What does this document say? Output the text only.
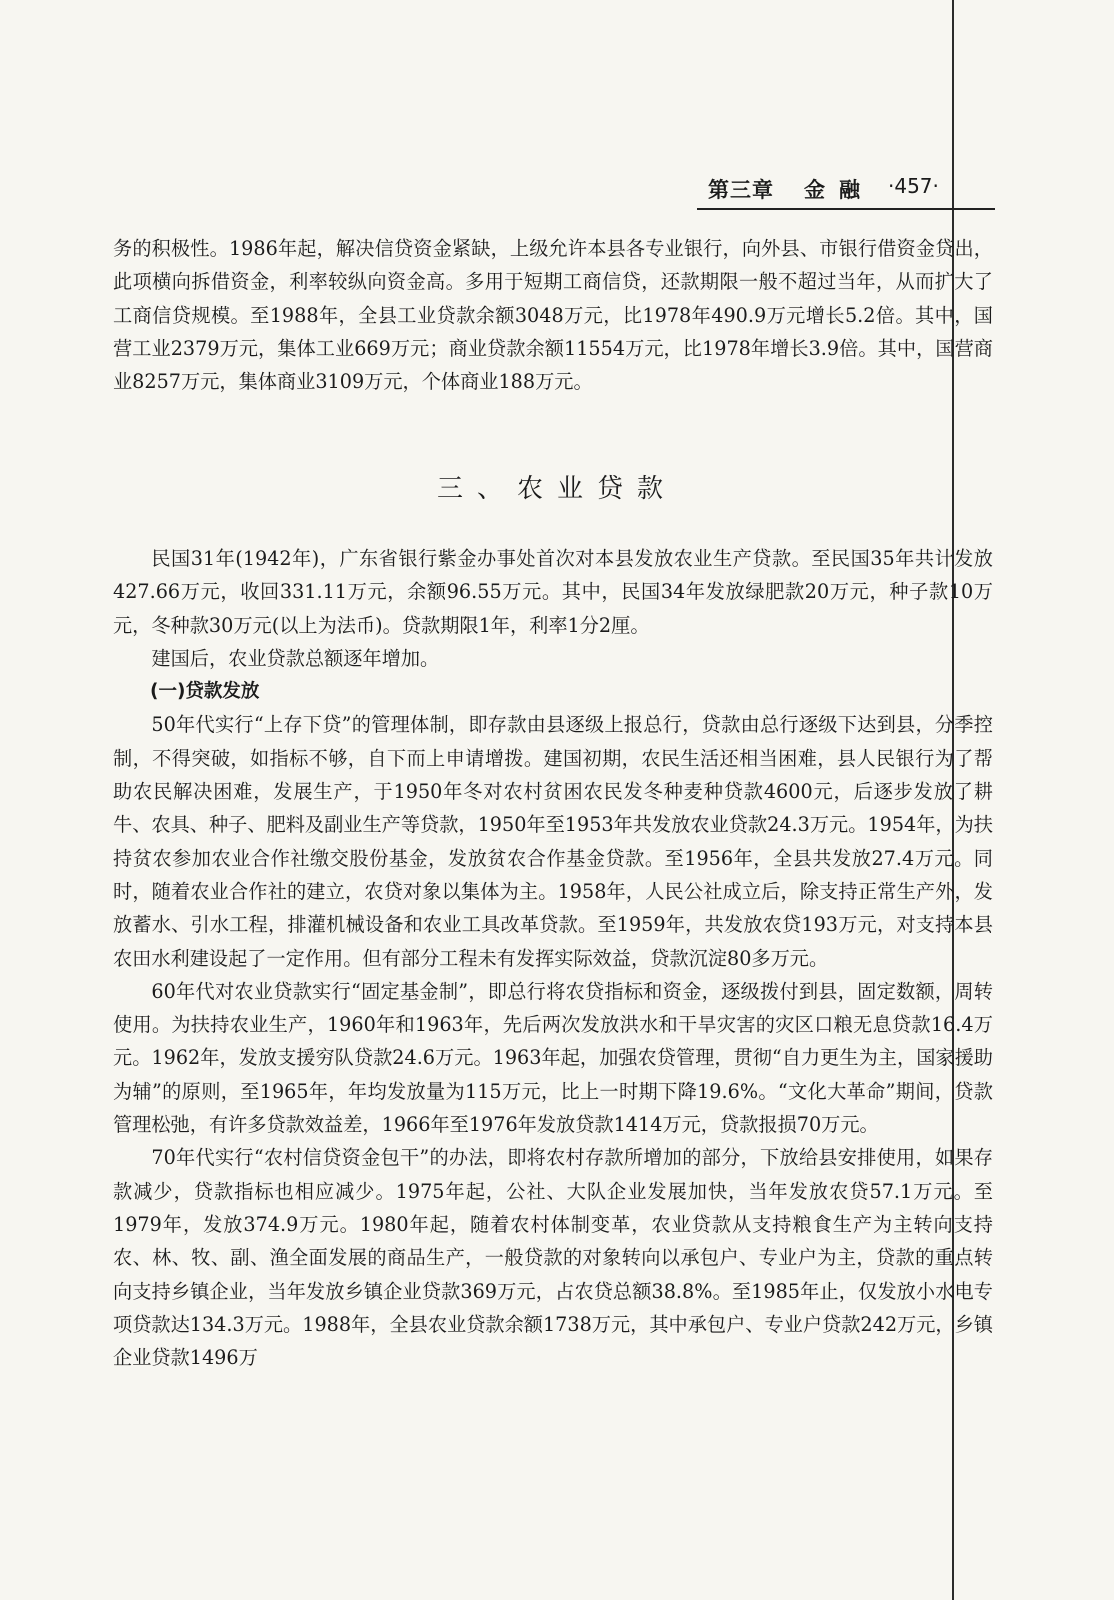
第三章 金融 ·457·

务的积极性。1986年起，解决信贷资金紧缺，上级允许本县各专业银行，向外县、市银行借资金贷出，此项横向拆借资金，利率较纵向资金高。多用于短期工商信贷，还款期限一般不超过当年，从而扩大了工商信贷规模。至1988年，全县工业贷款余额3048万元，比1978年490.9万元增长5.2倍。其中，国营工业2379万元，集体工业669万元；商业贷款余额11554万元，比1978年增长3.9倍。其中，国营商业8257万元，集体商业3109万元，个体商业188万元。

三、农业贷款

民国31年(1942年)，广东省银行紫金办事处首次对本县发放农业生产贷款。至民国35年共计发放427.66万元，收回331.11万元，余额96.55万元。其中，民国34年发放绿肥款20万元，种子款10万元，冬种款30万元(以上为法币)。贷款期限1年，利率1分2厘。

建国后，农业贷款总额逐年增加。

(一)贷款发放

50年代实行“上存下贷”的管理体制，即存款由县逐级上报总行，贷款由总行逐级下达到县，分季控制，不得突破，如指标不够，自下而上申请增拨。建国初期，农民生活还相当困难，县人民银行为了帮助农民解决困难，发展生产，于1950年冬对农村贫困农民发冬种麦种贷款4600元，后逐步发放了耕牛、农具、种子、肥料及副业生产等贷款，1950年至1953年共发放农业贷款24.3万元。1954年，为扶持贫农参加农业合作社缴交股份基金，发放贫农合作基金贷款。至1956年，全县共发放27.4万元。同时，随着农业合作社的建立，农贷对象以集体为主。1958年，人民公社成立后，除支持正常生产外，发放蓄水、引水工程，排灌机械设备和农业工具改革贷款。至1959年，共发放农贷193万元，对支持本县农田水利建设起了一定作用。但有部分工程未有发挥实际效益，贷款沉淀80多万元。

60年代对农业贷款实行“固定基金制”，即总行将农贷指标和资金，逐级拨付到县，固定数额，周转使用。为扶持农业生产，1960年和1963年，先后两次发放洪水和干旱灾害的灾区口粮无息贷款16.4万元。1962年，发放支援穷队贷款24.6万元。1963年起，加强农贷管理，贯彻“自力更生为主，国家援助为辅”的原则，至1965年，年均发放量为115万元，比上一时期下降19.6%。“文化大革命”期间，贷款管理松弛，有许多贷款效益差，1966年至1976年发放贷款1414万元，贷款报损70万元。

70年代实行“农村信贷资金包干”的办法，即将农村存款所增加的部分，下放给县安排使用，如果存款减少，贷款指标也相应减少。1975年起，公社、大队企业发展加快，当年发放农贷57.1万元。至1979年，发放374.9万元。1980年起，随着农村体制变革，农业贷款从支持粮食生产为主转向支持农、林、牧、副、渔全面发展的商品生产，一般贷款的对象转向以承包户、专业户为主，贷款的重点转向支持乡镇企业，当年发放乡镇企业贷款369万元，占农贷总额38.8%。至1985年止，仅发放小水电专项贷款达134.3万元。1988年，全县农业贷款余额1738万元，其中承包户、专业户贷款242万元，乡镇企业贷款1496万
